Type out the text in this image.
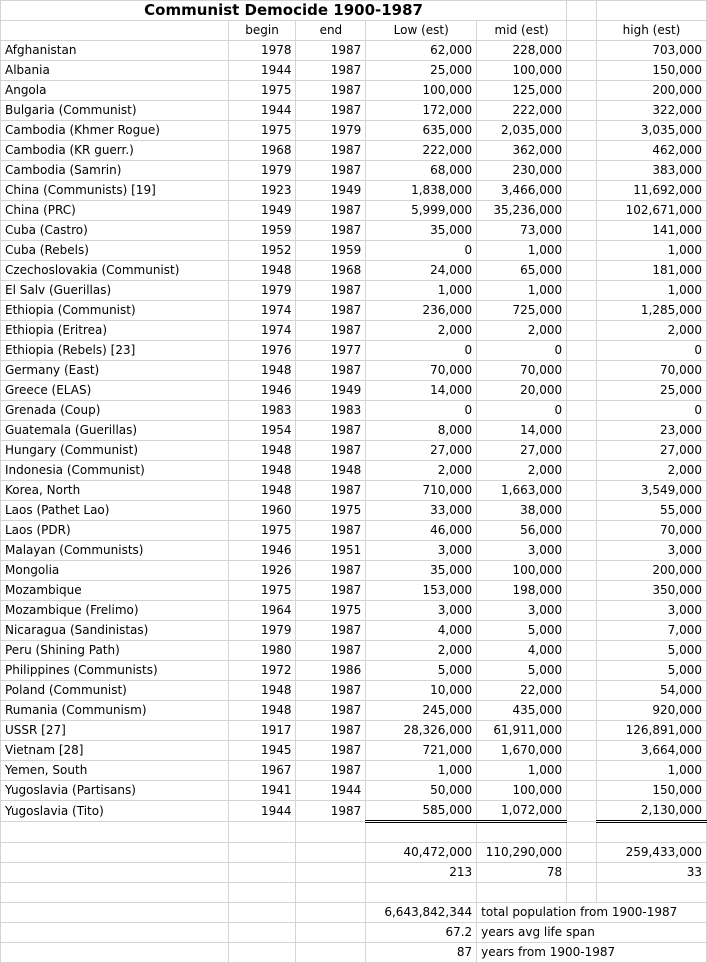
Communist Democide 1900-1987						
	begin	end	Low (est)	mid (est)		high (est)
Afghanistan	1978	1987	62,000	228,000		703,000
Albania	1944	1987	25,000	100,000		150,000
Angola	1975	1987	100,000	125,000		200,000
Bulgaria (Communist)	1944	1987	172,000	222,000		322,000
Cambodia (Khmer Rogue)	1975	1979	635,000	2,035,000		3,035,000
Cambodia (KR guerr.)	1968	1987	222,000	362,000		462,000
Cambodia (Samrin)	1979	1987	68,000	230,000		383,000
China (Communists) [19]	1923	1949	1,838,000	3,466,000		11,692,000
China (PRC)	1949	1987	5,999,000	35,236,000		102,671,000
Cuba (Castro)	1959	1987	35,000	73,000		141,000
Cuba (Rebels)	1952	1959	0	1,000		1,000
Czechoslovakia (Communist)	1948	1968	24,000	65,000		181,000
El Salv (Guerillas)	1979	1987	1,000	1,000		1,000
Ethiopia (Communist)	1974	1987	236,000	725,000		1,285,000
Ethiopia (Eritrea)	1974	1987	2,000	2,000		2,000
Ethiopia (Rebels) [23]	1976	1977	0	0		0
Germany (East)	1948	1987	70,000	70,000		70,000
Greece (ELAS)	1946	1949	14,000	20,000		25,000
Grenada (Coup)	1983	1983	0	0		0
Guatemala (Guerillas)	1954	1987	8,000	14,000		23,000
Hungary (Communist)	1948	1987	27,000	27,000		27,000
Indonesia (Communist)	1948	1948	2,000	2,000		2,000
Korea, North	1948	1987	710,000	1,663,000		3,549,000
Laos (Pathet Lao)	1960	1975	33,000	38,000		55,000
Laos (PDR)	1975	1987	46,000	56,000		70,000
Malayan (Communists)	1946	1951	3,000	3,000		3,000
Mongolia	1926	1987	35,000	100,000		200,000
Mozambique	1975	1987	153,000	198,000		350,000
Mozambique (Frelimo)	1964	1975	3,000	3,000		3,000
Nicaragua (Sandinistas)	1979	1987	4,000	5,000		7,000
Peru (Shining Path)	1980	1987	2,000	4,000		5,000
Philippines (Communists)	1972	1986	5,000	5,000		5,000
Poland (Communist)	1948	1987	10,000	22,000		54,000
Rumania (Communism)	1948	1987	245,000	435,000		920,000
USSR [27]	1917	1987	28,326,000	61,911,000		126,891,000
Vietnam [28]	1945	1987	721,000	1,670,000		3,664,000
Yemen, South	1967	1987	1,000	1,000		1,000
Yugoslavia (Partisans)	1941	1944	50,000	100,000		150,000
Yugoslavia (Tito)	1944	1987	585,000	1,072,000		2,130,000

			40,472,000	110,290,000		259,433,000
			213	78		33

			6,643,842,344	total population from 1900-1987		
			67.2	years avg life span		
			87	years from 1900-1987		
